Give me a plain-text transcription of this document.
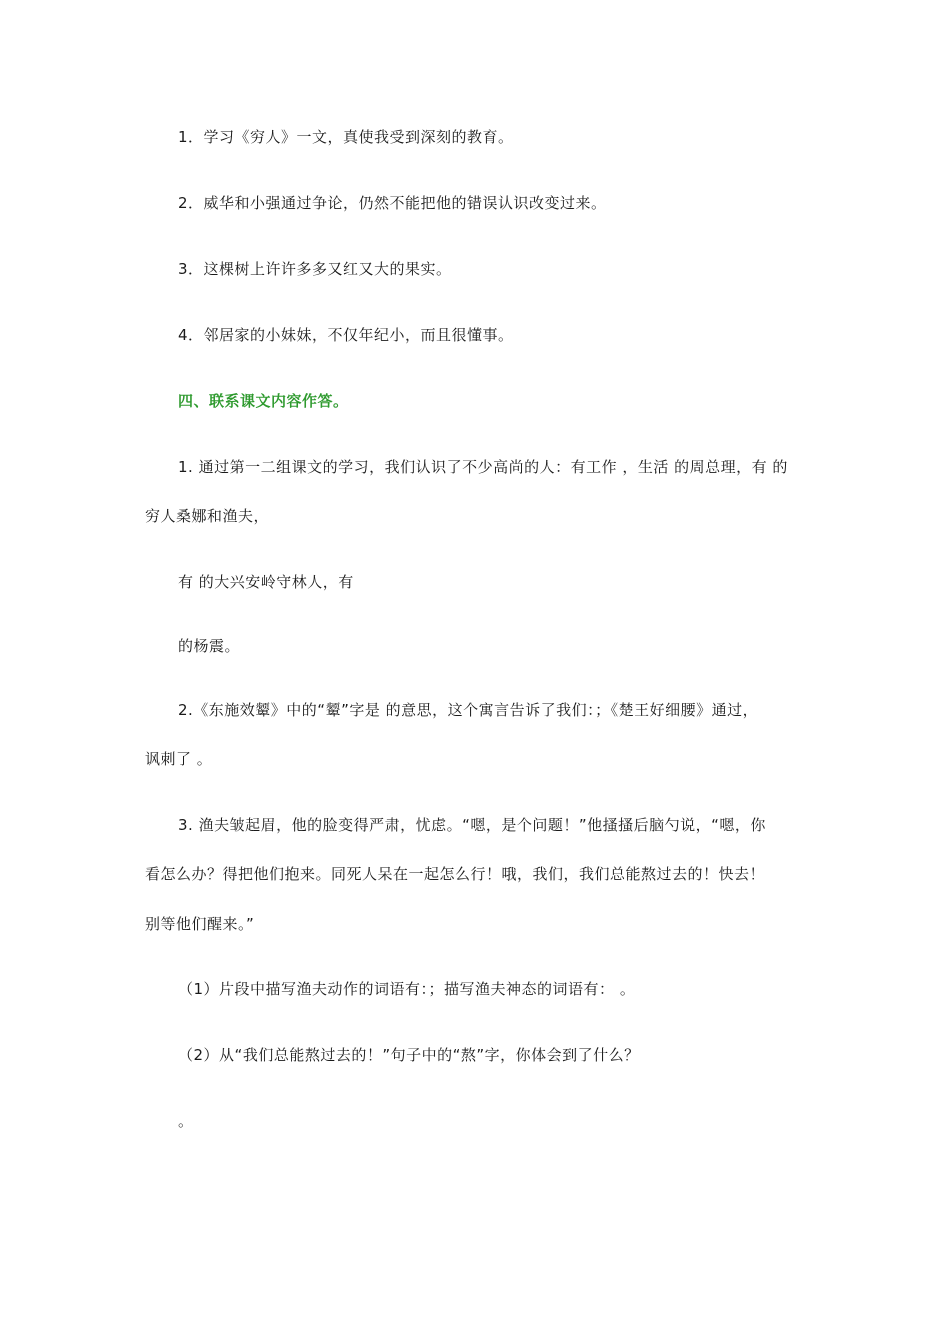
1．学习《穷人》一文，真使我受到深刻的教育。
2．威华和小强通过争论，仍然不能把他的错误认识改变过来。
3．这棵树上许许多多又红又大的果实。
4．邻居家的小妹妹，不仅年纪小，而且很懂事。
四、联系课文内容作答。
1. 通过第一二组课文的学习，我们认识了不少高尚的人：有工作 ，生活 的周总理，有 的
穷人桑娜和渔夫，
有 的大兴安岭守林人，有
的杨震。
2.《东施效颦》中的“颦”字是 的意思，这个寓言告诉了我们：；《楚王好细腰》通过，
讽刺了 。
3. 渔夫皱起眉，他的脸变得严肃，忧虑。“嗯，是个问题！”他搔搔后脑勺说，“嗯，你
看怎么办？得把他们抱来。同死人呆在一起怎么行！哦，我们，我们总能熬过去的！快去！
别等他们醒来。”
（1）片段中描写渔夫动作的词语有：；描写渔夫神态的词语有： 。
（2）从“我们总能熬过去的！”句子中的“熬”字，你体会到了什么？
。
